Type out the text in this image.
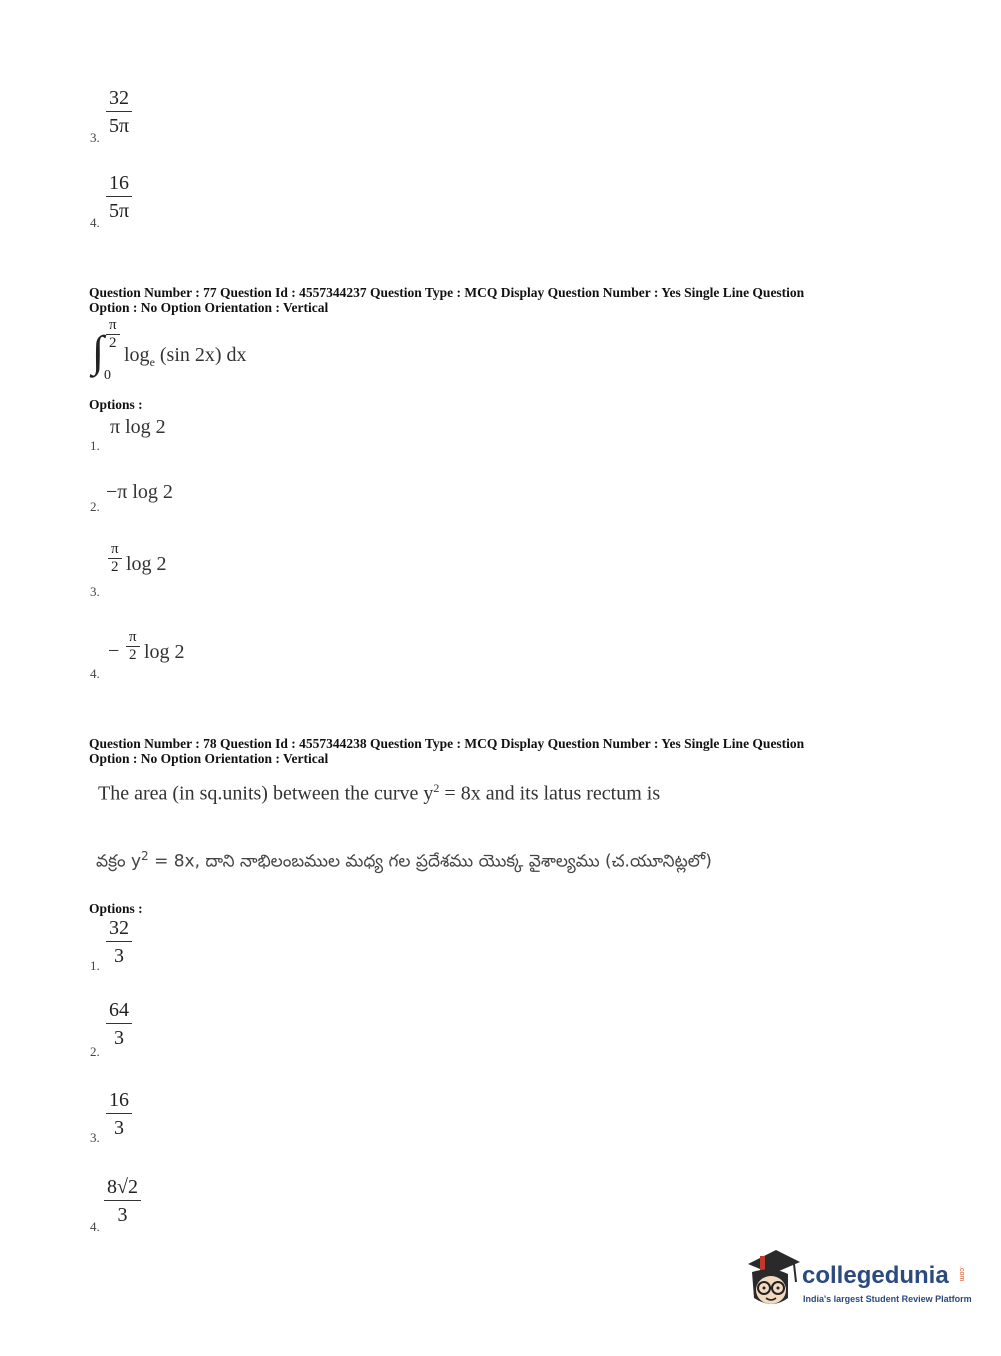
3.
32
5π
4.
16
5π
Question Number : 77 Question Id : 4557344237 Question Type : MCQ Display Question Number : Yes Single Line Question
Option : No Option Orientation : Vertical
∫
π
2
0
$\log_e (\sin$ 2x) dx
Options :
1.
π log 2
2.
−π log 2
3.
π
2 log 2
4.
−
π
2 log 2
Question Number : 78 Question Id : 4557344238 Question Type : MCQ Display Question Number : Yes Single Line Question
Option : No Option Orientation : Vertical
The area (in sq.units) between the curve $y^2 = 8x$ and its latus rectum is
వక్రం $y^2 = 8x$, దాని నాభిలంబముల మధ్య గల ప్రదేశము యొక్క వైశాల్యము (చ.యూనిట్లలో)
Options :
1.
32
3
2.
64
3
3.
16
3
4.
8√2
3
collegedunia .com
India's largest Student Review Platform
